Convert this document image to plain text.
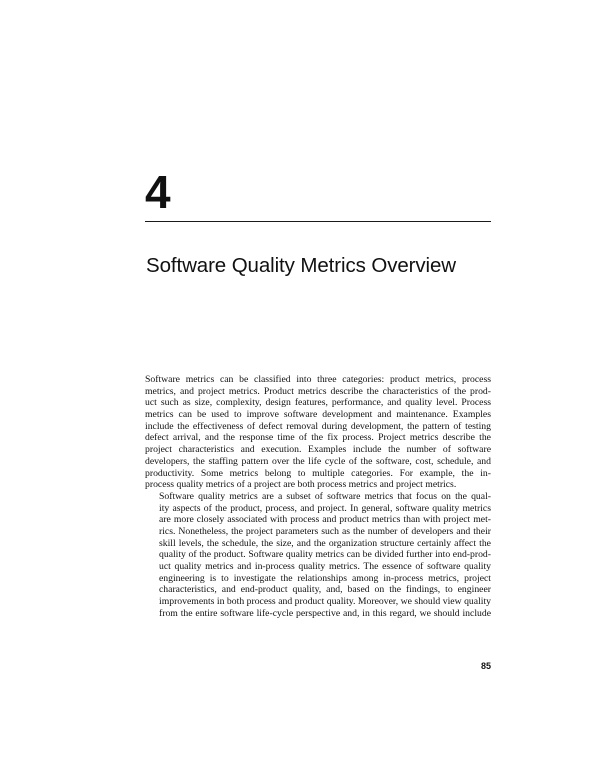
4
Software Quality Metrics Overview

Software metrics can be classified into three categories: product metrics, process
metrics, and project metrics. Product metrics describe the characteristics of the prod-
uct such as size, complexity, design features, performance, and quality level. Process
metrics can be used to improve software development and maintenance. Examples
include the effectiveness of defect removal during development, the pattern of testing
defect arrival, and the response time of the fix process. Project metrics describe the
project characteristics and execution. Examples include the number of software
developers, the staffing pattern over the life cycle of the software, cost, schedule, and
productivity. Some metrics belong to multiple categories. For example, the in-
process quality metrics of a project are both process metrics and project metrics.

Software quality metrics are a subset of software metrics that focus on the qual-
ity aspects of the product, process, and project. In general, software quality metrics
are more closely associated with process and product metrics than with project met-
rics. Nonetheless, the project parameters such as the number of developers and their
skill levels, the schedule, the size, and the organization structure certainly affect the
quality of the product. Software quality metrics can be divided further into end-prod-
uct quality metrics and in-process quality metrics. The essence of software quality
engineering is to investigate the relationships among in-process metrics, project
characteristics, and end-product quality, and, based on the findings, to engineer
improvements in both process and product quality. Moreover, we should view quality
from the entire software life-cycle perspective and, in this regard, we should include

85
